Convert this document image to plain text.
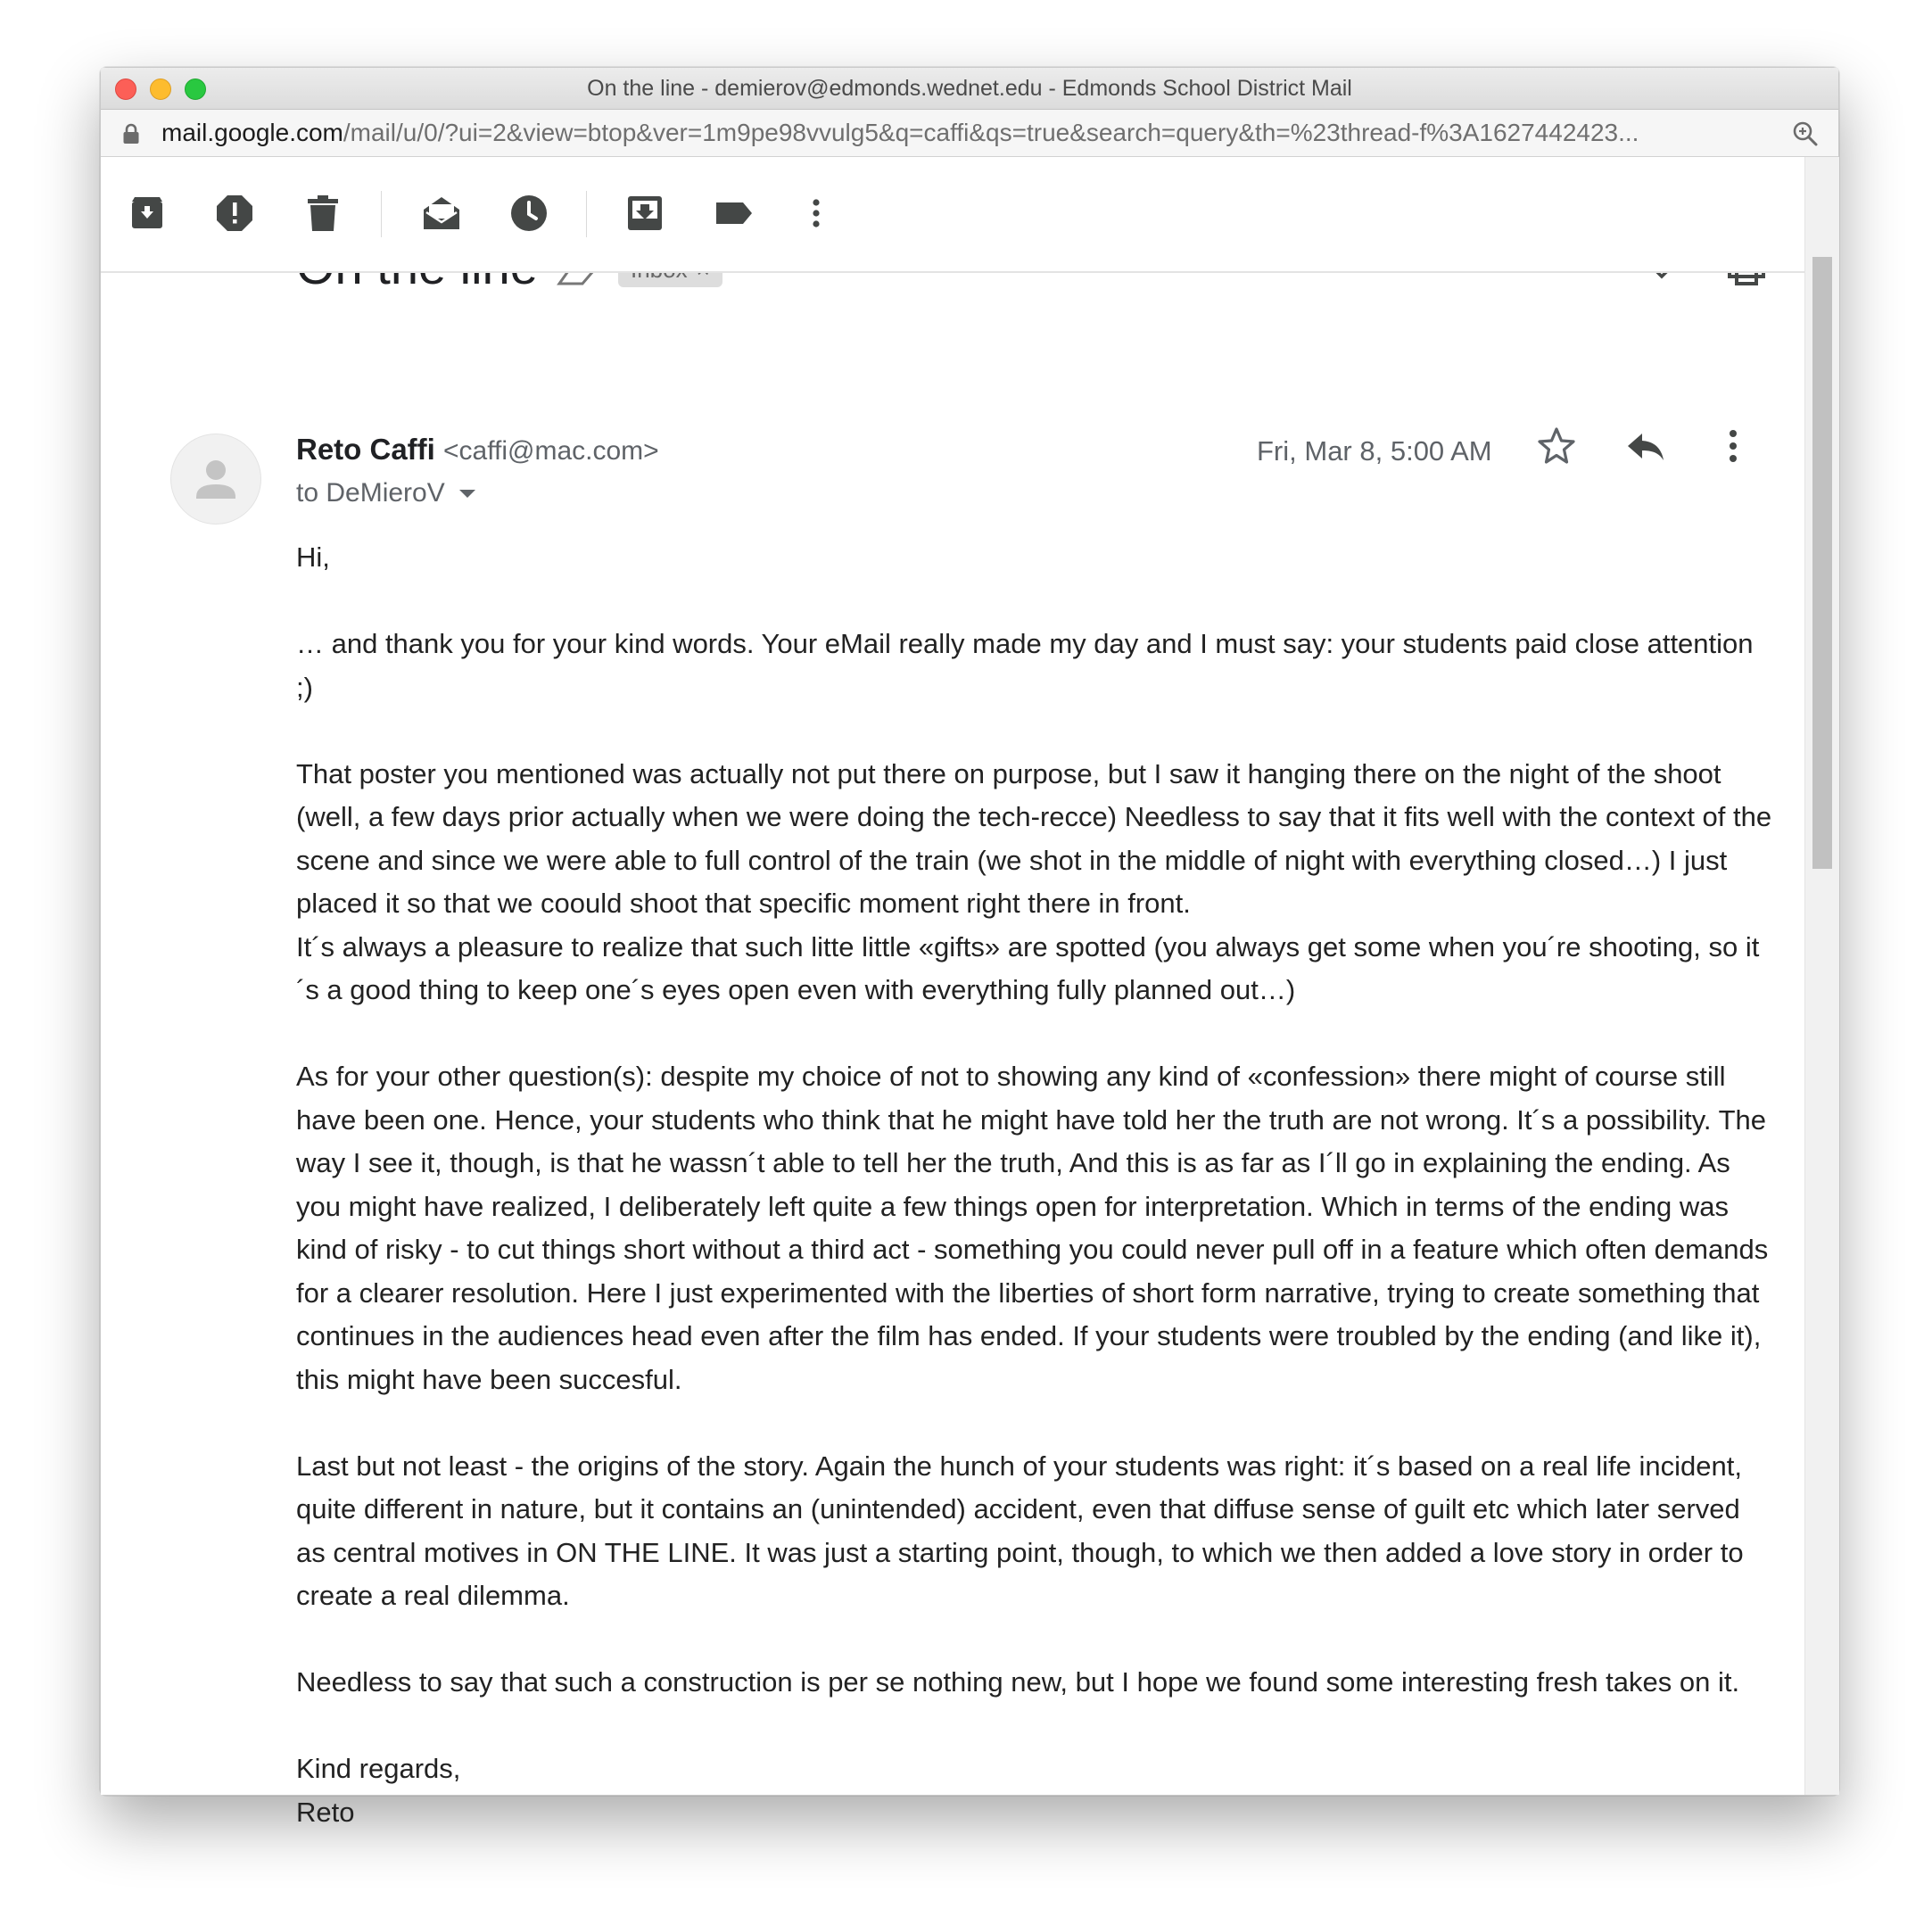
On the line - demierov@edmonds.wednet.edu - Edmonds School District Mail
mail.google.com/mail/u/0/?ui=2&view=btop&ver=1m9pe98vvulg5&q=caffi&qs=true&search=query&th=%23thread-f%3A1627442423...
Reto Caffi <caffi@mac.com>
to DeMieroV
Fri, Mar 8, 5:00 AM

Hi,

… and thank you for your kind words. Your eMail really made my day and I must say: your students paid close attention ;)

That poster you mentioned was actually not put there on purpose, but I saw it hanging there on the night of the shoot (well, a few days prior actually when we were doing the tech-recce) Needless to say that it fits well with the context of the scene and since we were able to full control of the train (we shot in the middle of night with everything closed…) I just placed it so that we coould shoot that specific moment right there in front.

It´s always a pleasure to realize that such litte little «gifts» are spotted (you always get some when you´re shooting, so it´s a good thing to keep one´s eyes open even with everything fully planned out…)

As for your other question(s): despite my choice of not to showing any kind of «confession» there might of course still have been one. Hence, your students who think that he might have told her the truth are not wrong. It´s a possibility. The way I see it, though, is that he wassn´t able to tell her the truth, And this is as far as I´ll go in explaining the ending. As you might have realized, I deliberately left quite a few things open for interpretation. Which in terms of the ending was kind of risky - to cut things short without a third act - something you could never pull off in a feature which often demands for a clearer resolution. Here I just experimented with the liberties of short form narrative, trying to create something that continues in the audiences head even after the film has ended. If your students were troubled by the ending (and like it), this might have been succesful.

Last but not least - the origins of the story. Again the hunch of your students was right: it´s based on a real life incident, quite different in nature, but it contains an (unintended) accident, even that diffuse sense of guilt etc which later served as central motives in ON THE LINE. It was just a starting point, though, to which we then added a love story in order to create a real dilemma.

Needless to say that such a construction is per se nothing new, but I hope we found some interesting fresh takes on it.

Kind regards,

Reto
